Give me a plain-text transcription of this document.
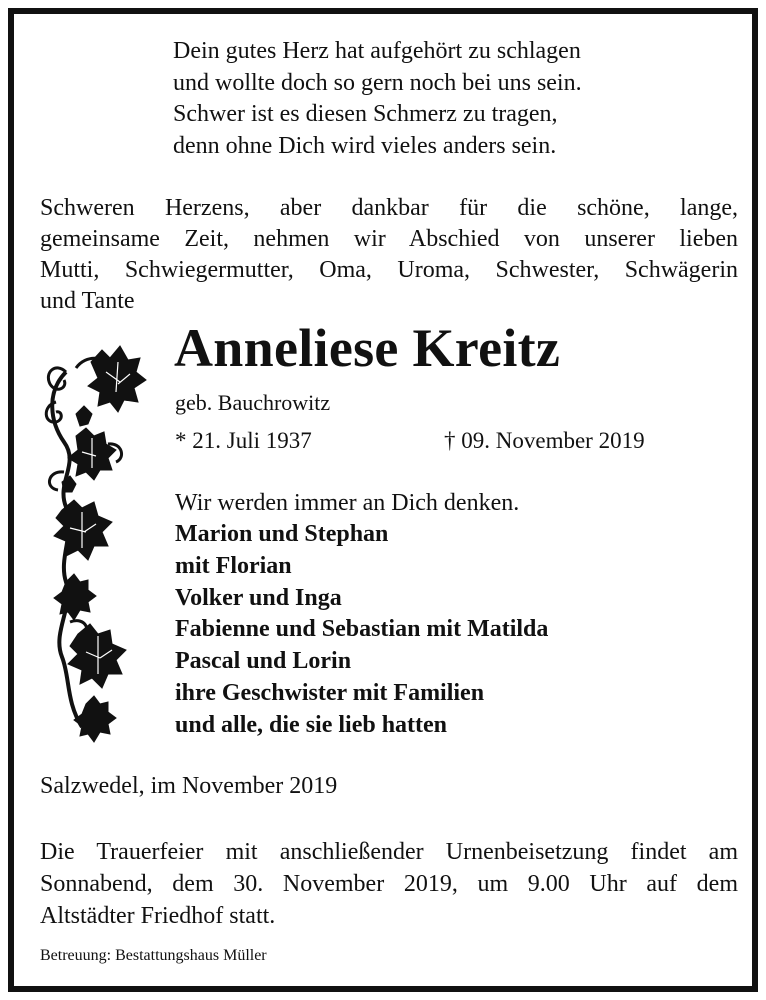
Dein gutes Herz hat aufgehört zu schlagen
und wollte doch so gern noch bei uns sein.
Schwer ist es diesen Schmerz zu tragen,
denn ohne Dich wird vieles anders sein.
Schweren Herzens, aber dankbar für die schöne, lange,
gemeinsame Zeit, nehmen wir Abschied von unserer lieben
Mutti, Schwiegermutter, Oma, Uroma, Schwester, Schwägerin
und Tante
Anneliese Kreitz
geb. Bauchrowitz
* 21. Juli 1937	† 09. November 2019
Wir werden immer an Dich denken.
Marion und Stephan
mit Florian
Volker und Inga
Fabienne und Sebastian mit Matilda
Pascal und Lorin
ihre Geschwister mit Familien
und alle, die sie lieb hatten
Salzwedel, im November 2019
Die Trauerfeier mit anschließender Urnenbeisetzung findet am
Sonnabend, dem 30. November 2019, um 9.00 Uhr auf dem
Altstädter Friedhof statt.
Betreuung: Bestattungshaus Müller
